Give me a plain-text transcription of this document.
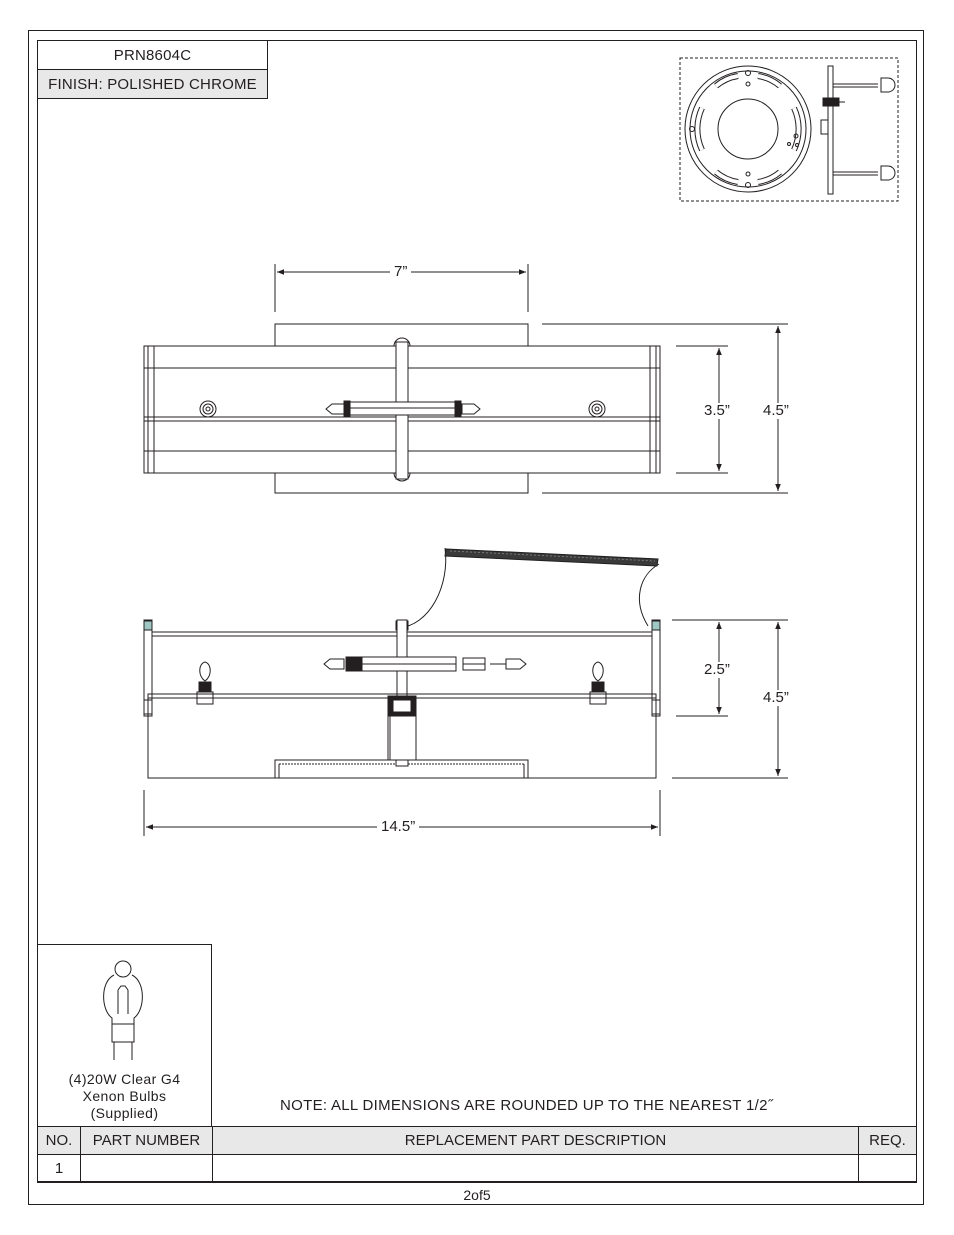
PRN8604C
FINISH: POLISHED CHROME
7”
3.5” 4.5”
2.5”
4.5”
14.5”
(4)20W Clear G4
Xenon Bulbs
(Supplied)	NOTE: ALL DIMENSIONS ARE ROUNDED UP TO THE NEAREST 1/2˝
NO.	PART NUMBER	REPLACEMENT PART DESCRIPTION	REQ.
1			
2of5
